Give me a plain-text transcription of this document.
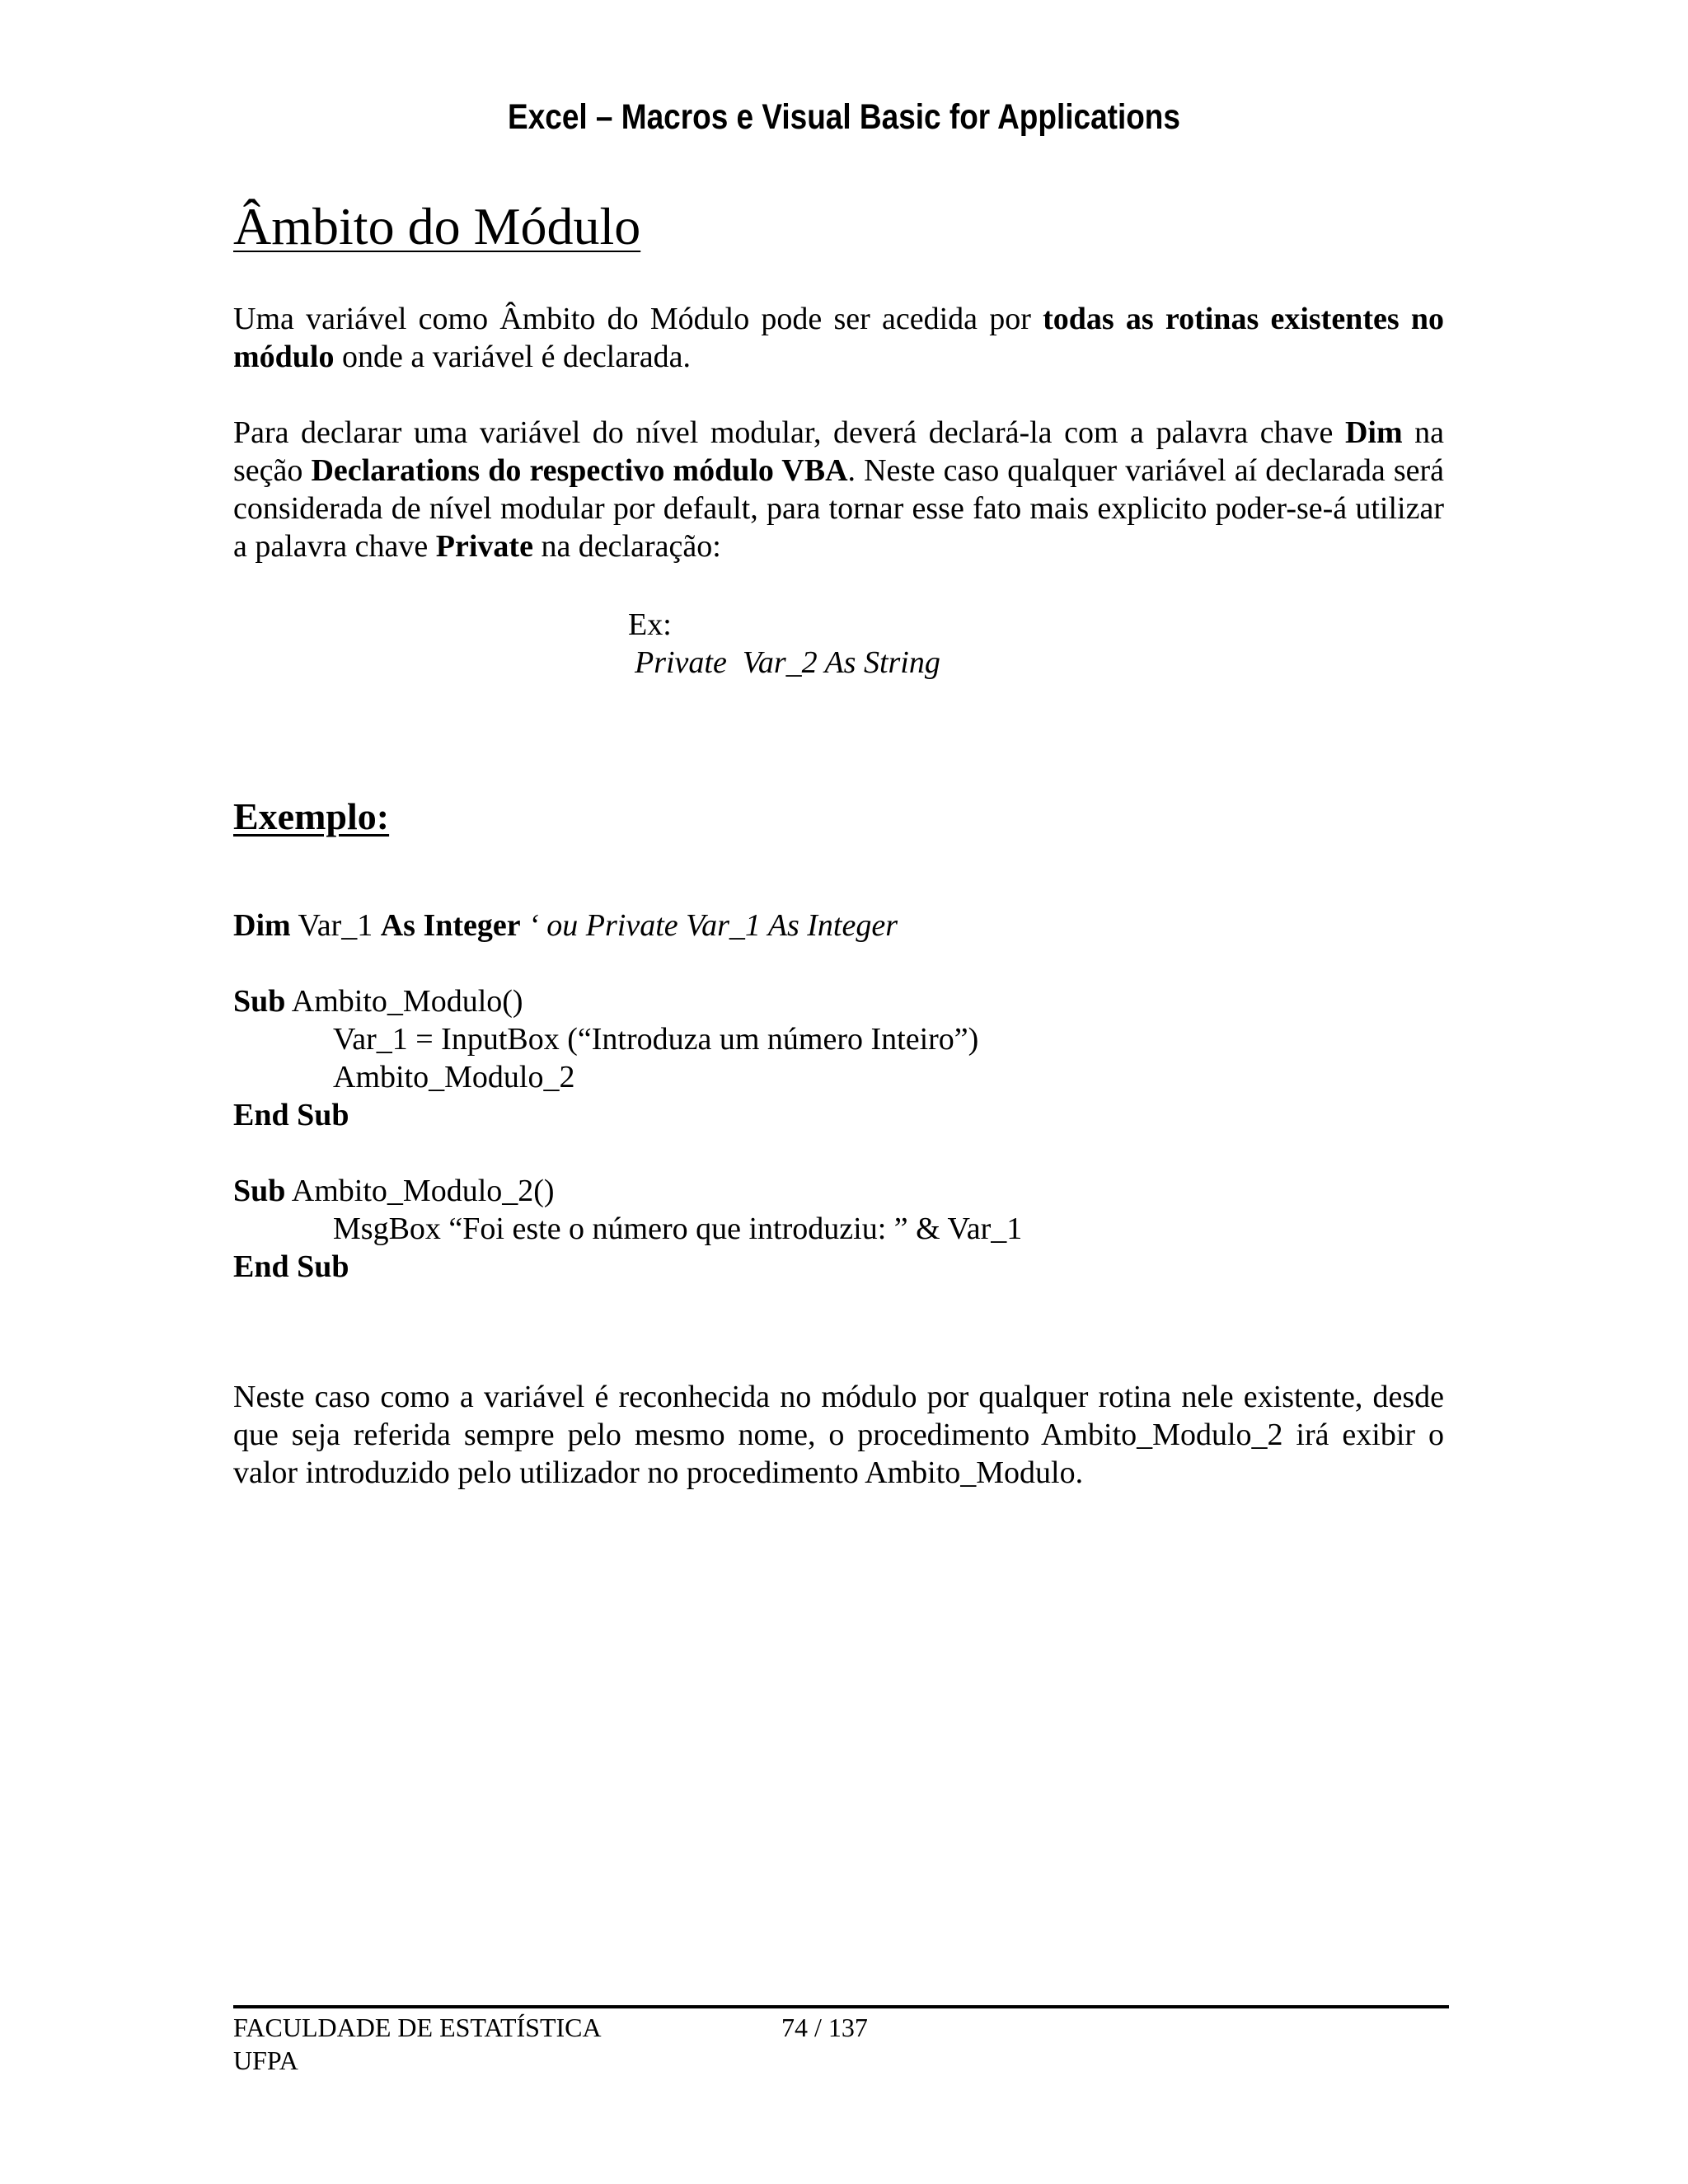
Excel – Macros e Visual Basic for Applications
Âmbito do Módulo

Uma variável como Âmbito do Módulo pode ser acedida por todas as rotinas existentes no módulo onde a variável é declarada.

Para declarar uma variável do nível modular, deverá declará-la com a palavra chave Dim na seção Declarations do respectivo módulo VBA. Neste caso qualquer variável aí declarada será considerada de nível modular por default, para tornar esse fato mais explicito poder-se-á utilizar a palavra chave Private na declaração:

Ex:
Private  Var_2 As String
Exemplo:
Dim Var_1 As Integer ‘ ou Private Var_1 As Integer
Sub Ambito_Modulo()
Var_1 = InputBox (“Introduza um número Inteiro”)
Ambito_Modulo_2
End Sub
Sub Ambito_Modulo_2()
MsgBox “Foi este o número que introduziu: ” & Var_1
End Sub

Neste caso como a variável é reconhecida no módulo por qualquer rotina nele existente, desde que seja referida sempre pelo mesmo nome, o procedimento Ambito_Modulo_2 irá exibir o valor introduzido pelo utilizador no procedimento Ambito_Modulo.

FACULDADE DE ESTATÍSTICA
UFPA
74 / 137
